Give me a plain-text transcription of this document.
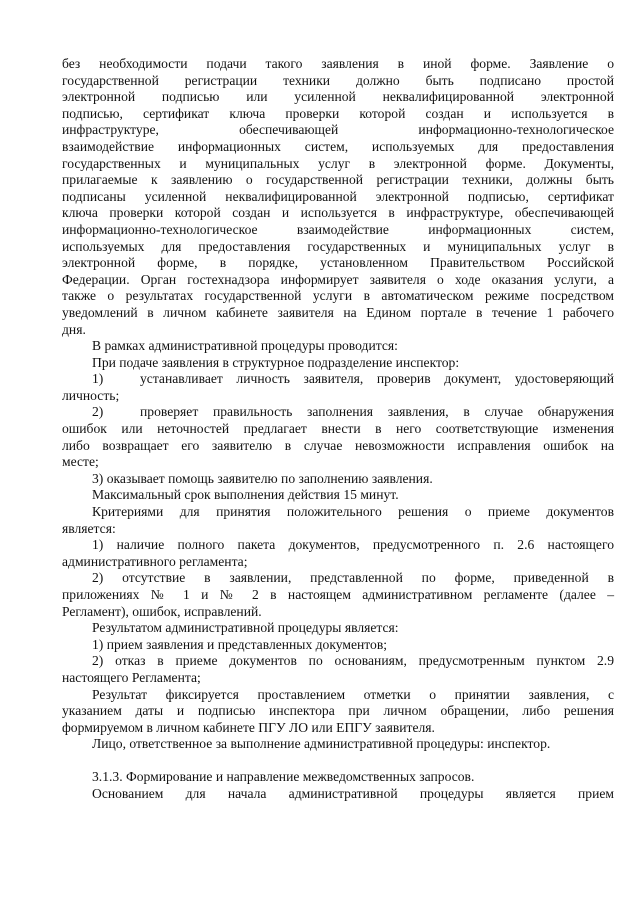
без необходимости подачи такого заявления в иной форме. Заявление о
государственной регистрации техники должно быть подписано простой
электронной подписью или усиленной неквалифицированной электронной
подписью, сертификат ключа проверки которой создан и используется в
инфраструктуре, обеспечивающей информационно-технологическое
взаимодействие информационных систем, используемых для предоставления
государственных и муниципальных услуг в электронной форме. Документы,
прилагаемые к заявлению о государственной регистрации техники, должны быть
подписаны усиленной неквалифицированной электронной подписью, сертификат
ключа проверки которой создан и используется в инфраструктуре, обеспечивающей
информационно-технологическое взаимодействие информационных систем,
используемых для предоставления государственных и муниципальных услуг в
электронной форме, в порядке, установленном Правительством Российской
Федерации. Орган гостехнадзора информирует заявителя о ходе оказания услуги, а
также о результатах государственной услуги в автоматическом режиме посредством
уведомлений в личном кабинете заявителя на Едином портале в течение 1 рабочего
дня.
В рамках административной процедуры проводится:
При подаче заявления в структурное подразделение инспектор:
1)	устанавливает личность заявителя, проверив документ, удостоверяющий
личность;
2)	проверяет правильность заполнения заявления, в случае обнаружения
ошибок или неточностей предлагает внести в него соответствующие изменения
либо возвращает его заявителю в случае невозможности исправления ошибок на
месте;
3) оказывает помощь заявителю по заполнению заявления.
Максимальный срок выполнения действия 15 минут.
Критериями для принятия положительного решения о приеме документов
является:
1) наличие полного пакета документов, предусмотренного п. 2.6 настоящего
административного регламента;
2) отсутствие в заявлении, представленной по форме, приведенной в
приложениях № 1 и № 2 в настоящем административном регламенте (далее –
Регламент), ошибок, исправлений.
Результатом административной процедуры является:
1) прием заявления и представленных документов;
2) отказ в приеме документов по основаниям, предусмотренным пунктом 2.9
настоящего Регламента;
Результат фиксируется проставлением отметки о принятии заявления, с
указанием даты и подписью инспектора при личном обращении, либо решения
формируемом в личном кабинете ПГУ ЛО или ЕПГУ заявителя.
Лицо, ответственное за выполнение административной процедуры: инспектор.
3.1.3. Формирование и направление межведомственных запросов.
Основанием для начала административной процедуры является прием
